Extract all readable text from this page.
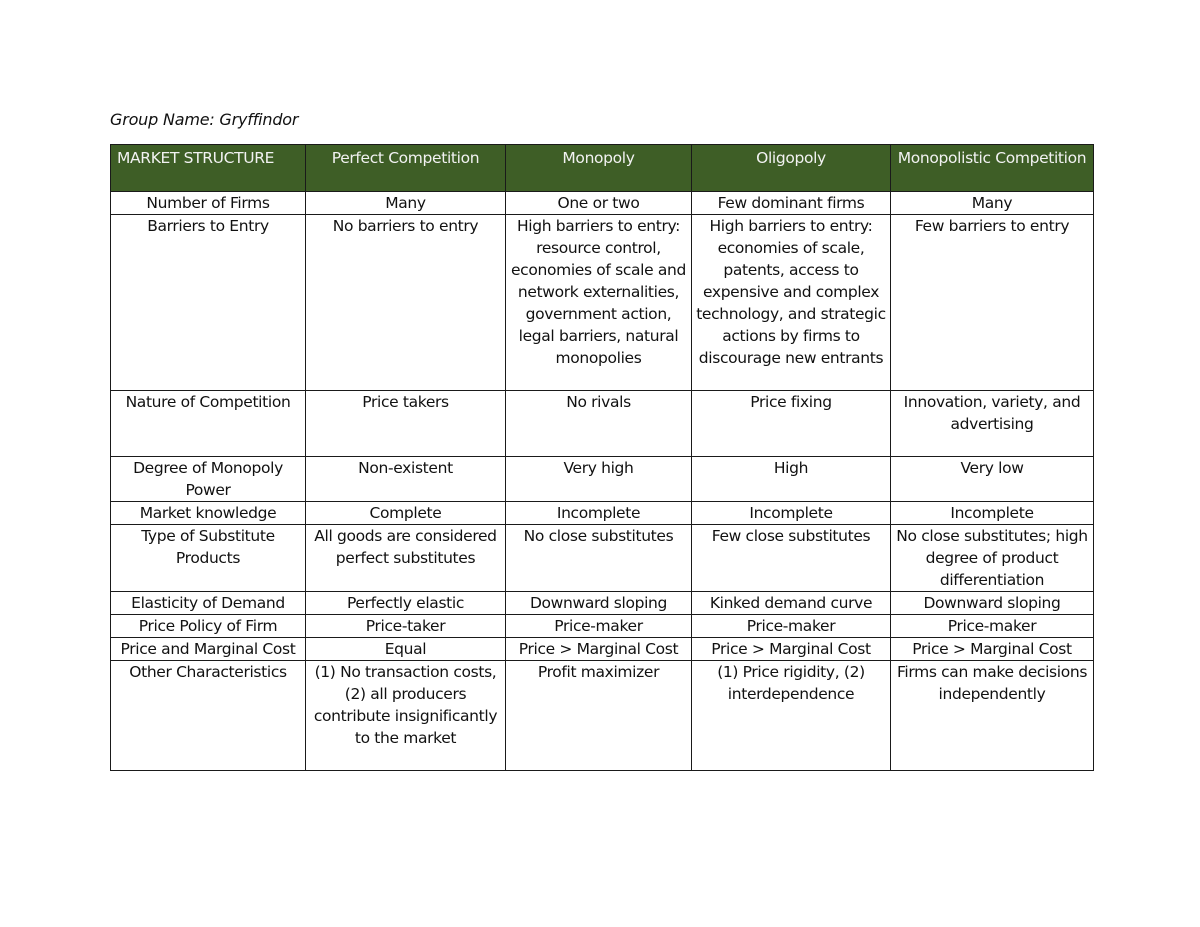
Group Name: Gryffindor
MARKET STRUCTURE	Perfect Competition	Monopoly	Oligopoly	Monopolistic Competition
Number of Firms	Many	One or two	Few dominant firms	Many
Barriers to Entry	No barriers to entry	High barriers to entry: resource control, economies of scale and network externalities, government action, legal barriers, natural monopolies	High barriers to entry: economies of scale, patents, access to expensive and complex technology, and strategic actions by firms to discourage new entrants	Few barriers to entry
Nature of Competition	Price takers	No rivals	Price fixing	Innovation, variety, and advertising
Degree of Monopoly Power	Non-existent	Very high	High	Very low
Market knowledge	Complete	Incomplete	Incomplete	Incomplete
Type of Substitute Products	All goods are considered perfect substitutes	No close substitutes	Few close substitutes	No close substitutes; high degree of product differentiation
Elasticity of Demand	Perfectly elastic	Downward sloping	Kinked demand curve	Downward sloping
Price Policy of Firm	Price-taker	Price-maker	Price-maker	Price-maker
Price and Marginal Cost	Equal	Price > Marginal Cost	Price > Marginal Cost	Price > Marginal Cost
Other Characteristics	(1) No transaction costs, (2) all producers contribute insignificantly to the market	Profit maximizer	(1) Price rigidity, (2) interdependence	Firms can make decisions independently
